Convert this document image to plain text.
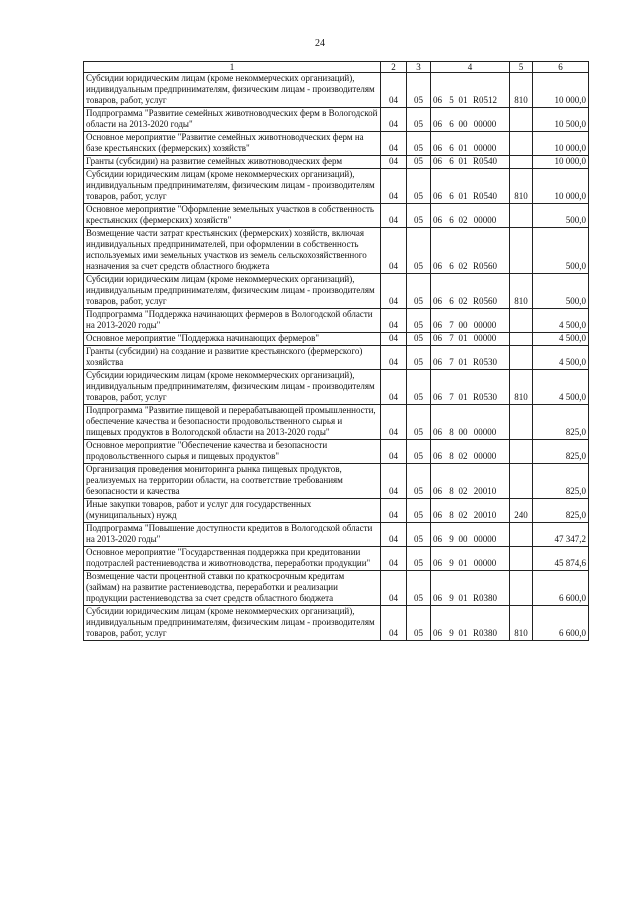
24
1	2	3	4	5	6
Субсидии юридическим лицам (кроме некоммерческих организаций), индивидуальным предпринимателям, физическим лицам - производителям товаров, работ, услуг	04	05	06 5 01 R0512	810	10 000,0
Подпрограмма "Развитие семейных животноводческих ферм в Вологодской области на 2013-2020 годы"	04	05	06 6 00 00000		10 500,0
Основное мероприятие "Развитие семейных животноводческих ферм на базе крестьянских (фермерских) хозяйств"	04	05	06 6 01 00000		10 000,0
Гранты (субсидии) на развитие семейных животноводческих ферм	04	05	06 6 01 R0540		10 000,0
Субсидии юридическим лицам (кроме некоммерческих организаций), индивидуальным предпринимателям, физическим лицам - производителям товаров, работ, услуг	04	05	06 6 01 R0540	810	10 000,0
Основное мероприятие "Оформление земельных участков в собственность крестьянских (фермерских) хозяйств"	04	05	06 6 02 00000		500,0
Возмещение части затрат крестьянских (фермерских) хозяйств, включая индивидуальных предпринимателей, при оформлении в собственность используемых ими земельных участков из земель сельскохозяйственного назначения за счет средств областного бюджета	04	05	06 6 02 R0560		500,0
Субсидии юридическим лицам (кроме некоммерческих организаций), индивидуальным предпринимателям, физическим лицам - производителям товаров, работ, услуг	04	05	06 6 02 R0560	810	500,0
Подпрограмма "Поддержка начинающих фермеров в Вологодской области на 2013-2020 годы"	04	05	06 7 00 00000		4 500,0
Основное мероприятие "Поддержка начинающих фермеров"	04	05	06 7 01 00000		4 500,0
Гранты (субсидии) на создание и развитие крестьянского (фермерского) хозяйства	04	05	06 7 01 R0530		4 500,0
Субсидии юридическим лицам (кроме некоммерческих организаций), индивидуальным предпринимателям, физическим лицам - производителям товаров, работ, услуг	04	05	06 7 01 R0530	810	4 500,0
Подпрограмма "Развитие пищевой и перерабатывающей промышленности, обеспечение качества и безопасности продовольственного сырья и пищевых продуктов в Вологодской области на 2013-2020 годы"	04	05	06 8 00 00000		825,0
Основное мероприятие "Обеспечение качества и безопасности продовольственного сырья и пищевых продуктов"	04	05	06 8 02 00000		825,0
Организация проведения мониторинга рынка пищевых продуктов, реализуемых на территории области, на соответствие требованиям безопасности и качества	04	05	06 8 02 20010		825,0
Иные закупки товаров, работ и услуг для государственных (муниципальных) нужд	04	05	06 8 02 20010	240	825,0
Подпрограмма "Повышение доступности кредитов в Вологодской области на 2013-2020 годы"	04	05	06 9 00 00000		47 347,2
Основное мероприятие "Государственная поддержка при кредитовании подотраслей растениеводства и животноводства, переработки продукции"	04	05	06 9 01 00000		45 874,6
Возмещение части процентной ставки по краткосрочным кредитам (займам) на развитие растениеводства, переработки и реализации продукции растениеводства за счет средств областного бюджета	04	05	06 9 01 R0380		6 600,0
Субсидии юридическим лицам (кроме некоммерческих организаций), индивидуальным предпринимателям, физическим лицам - производителям товаров, работ, услуг	04	05	06 9 01 R0380	810	6 600,0
